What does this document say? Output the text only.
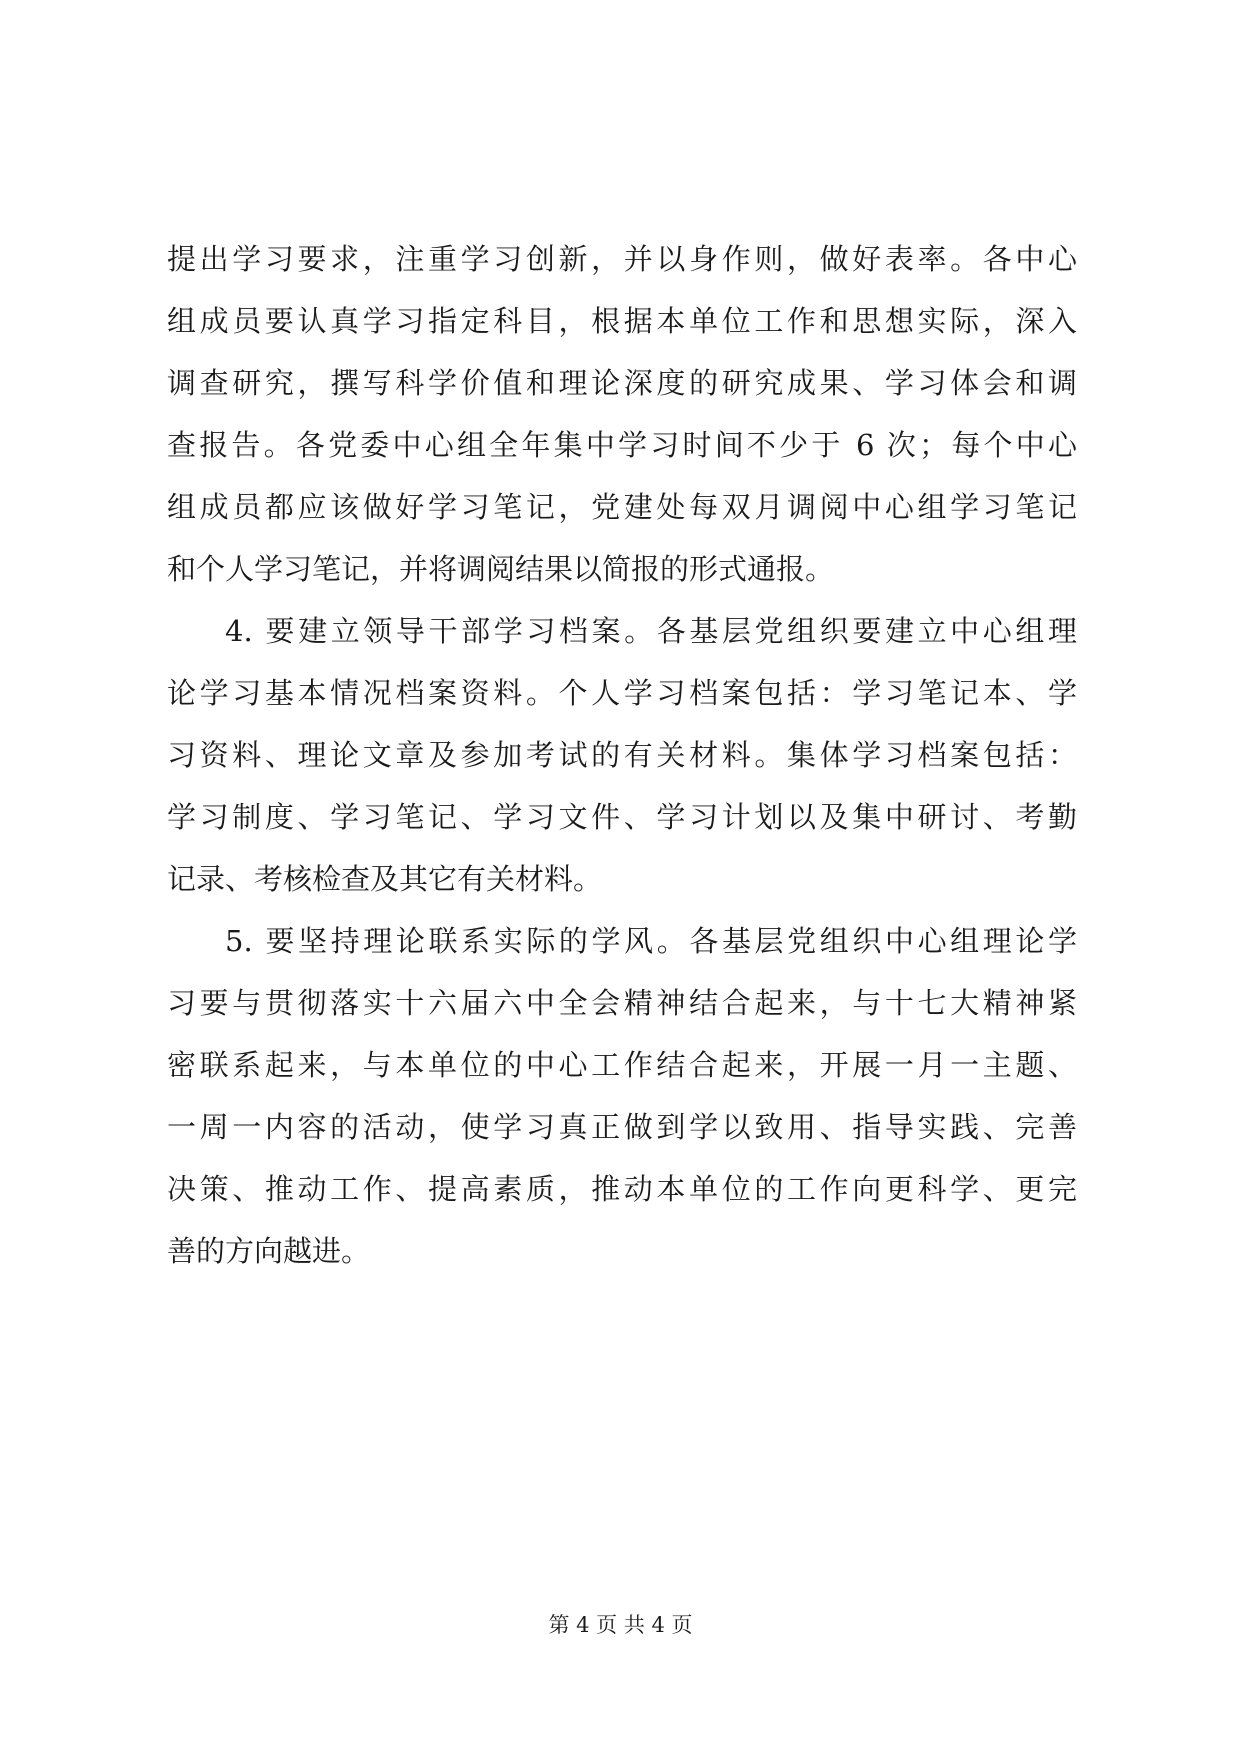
提出学习要求，注重学习创新，并以身作则，做好表率。各中心
组成员要认真学习指定科目，根据本单位工作和思想实际，深入
调查研究，撰写科学价值和理论深度的研究成果、学习体会和调
查报告。各党委中心组全年集中学习时间不少于 6 次；每个中心
组成员都应该做好学习笔记，党建处每双月调阅中心组学习笔记
和个人学习笔记，并将调阅结果以简报的形式通报。
4. 要建立领导干部学习档案。各基层党组织要建立中心组理
论学习基本情况档案资料。个人学习档案包括：学习笔记本、学
习资料、理论文章及参加考试的有关材料。集体学习档案包括：
学习制度、学习笔记、学习文件、学习计划以及集中研讨、考勤
记录、考核检查及其它有关材料。
5. 要坚持理论联系实际的学风。各基层党组织中心组理论学
习要与贯彻落实十六届六中全会精神结合起来，与十七大精神紧
密联系起来，与本单位的中心工作结合起来，开展一月一主题、
一周一内容的活动，使学习真正做到学以致用、指导实践、完善
决策、推动工作、提高素质，推动本单位的工作向更科学、更完
善的方向越进。
第 4 页 共 4 页
